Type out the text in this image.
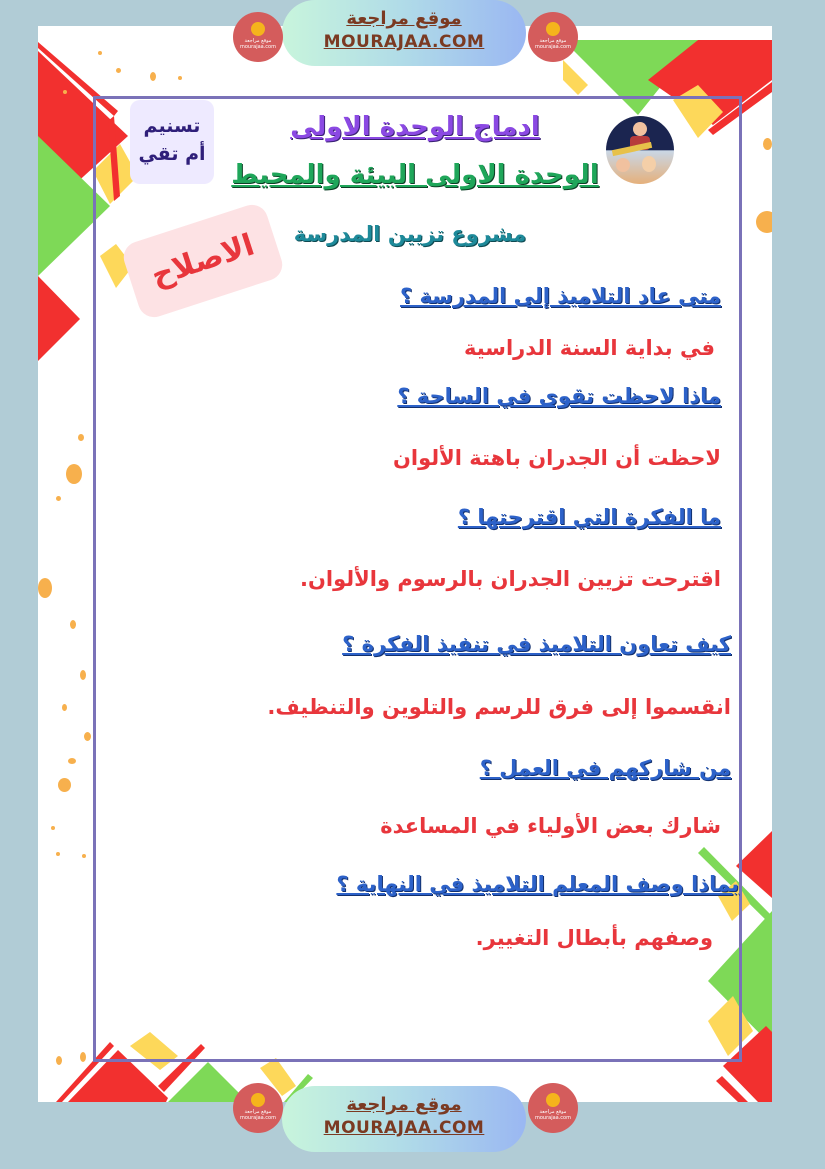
موقع مراجعة
MOURAJAA.COM
موقع مراجعة
MOURAJAA.COM
موقع مراجعة
mourajaa.com
موقع مراجعة
mourajaa.com
موقع مراجعة
mourajaa.com
موقع مراجعة
mourajaa.com
تسنيم
أم تقي
ادماج الوحدة الاولى
الوحدة الاولى البيئة والمحيط
مشروع تزيين المدرسة
الاصلاح
متى عاد التلاميذ إلى المدرسة ؟
في بداية السنة الدراسية
ماذا لاحظت تقوى في الساحة ؟
لاحظت أن الجدران باهتة الألوان
ما الفكرة التي اقترحتها ؟
اقترحت تزيين الجدران بالرسوم والألوان.
كيف تعاون التلاميذ في تنفيذ الفكرة ؟
انقسموا إلى فرق للرسم والتلوين والتنظيف.
من شاركهم في العمل ؟
شارك بعض الأولياء في المساعدة
بماذا وصف المعلم التلاميذ في النهاية ؟
وصفهم بأبطال التغيير.
